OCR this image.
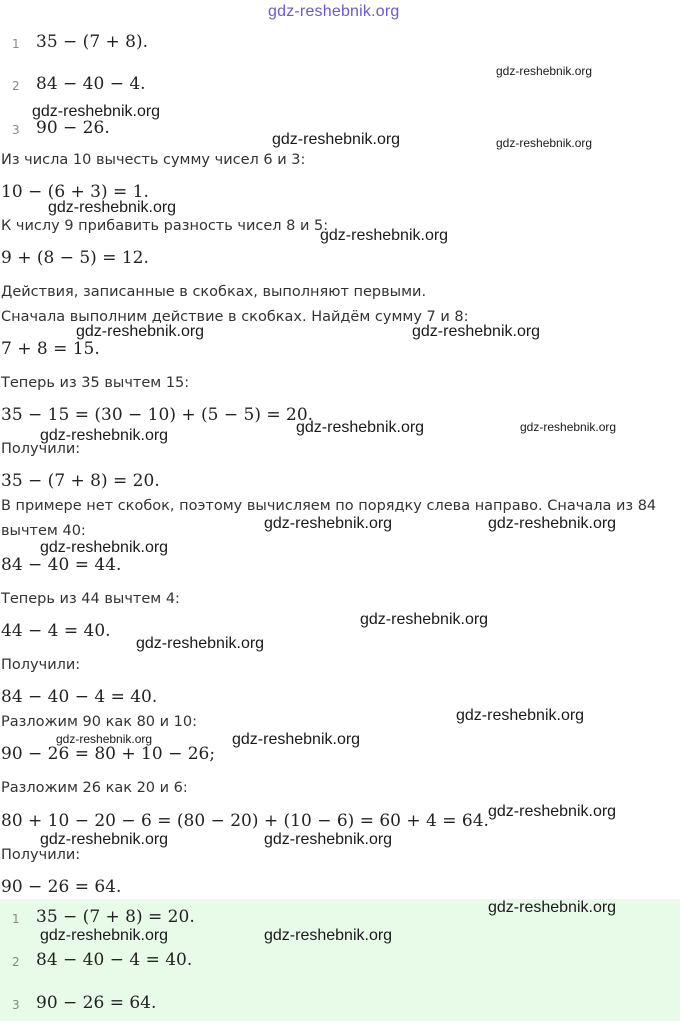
gdz-reshebnik.org
1 35 − (7 + 8).
2 84 − 40 − 4.
3 90 − 26.
Из числа 10 вычесть сумму чисел 6 и 3:
10 − (6 + 3) = 1.
К числу 9 прибавить разность чисел 8 и 5:
9 + (8 − 5) = 12.
Действия, записанные в скобках, выполняют первыми.
Сначала выполним действие в скобках. Найдём сумму 7 и 8:
7 + 8 = 15.
Теперь из 35 вычтем 15:
35 − 15 = (30 − 10) + (5 − 5) = 20.
Получили:
35 − (7 + 8) = 20.
В примере нет скобок, поэтому вычисляем по порядку слева направо. Сначала из 84
вычтем 40:
84 − 40 = 44.
Теперь из 44 вычтем 4:
44 − 4 = 40.
Получили:
84 − 40 − 4 = 40.
Разложим 90 как 80 и 10:
90 − 26 = 80 + 10 − 26;
Разложим 26 как 20 и 6:
80 + 10 − 20 − 6 = (80 − 20) + (10 − 6) = 60 + 4 = 64.
Получили:
90 − 26 = 64.
1 35 − (7 + 8) = 20.
2 84 − 40 − 4 = 40.
3 90 − 26 = 64.
gdz-reshebnik.org
gdz-reshebnik.org
gdz-reshebnik.org	gdz-reshebnik.org
gdz-reshebnik.org
gdz-reshebnik.org
gdz-reshebnik.org	gdz-reshebnik.org
gdz-reshebnik.org	gdz-reshebnik.org
gdz-reshebnik.org
gdz-reshebnik.org	gdz-reshebnik.org
gdz-reshebnik.org
gdz-reshebnik.org
gdz-reshebnik.org
gdz-reshebnik.org
gdz-reshebnik.org	gdz-reshebnik.org
gdz-reshebnik.org
gdz-reshebnik.org	gdz-reshebnik.org
gdz-reshebnik.org
gdz-reshebnik.org	gdz-reshebnik.org
